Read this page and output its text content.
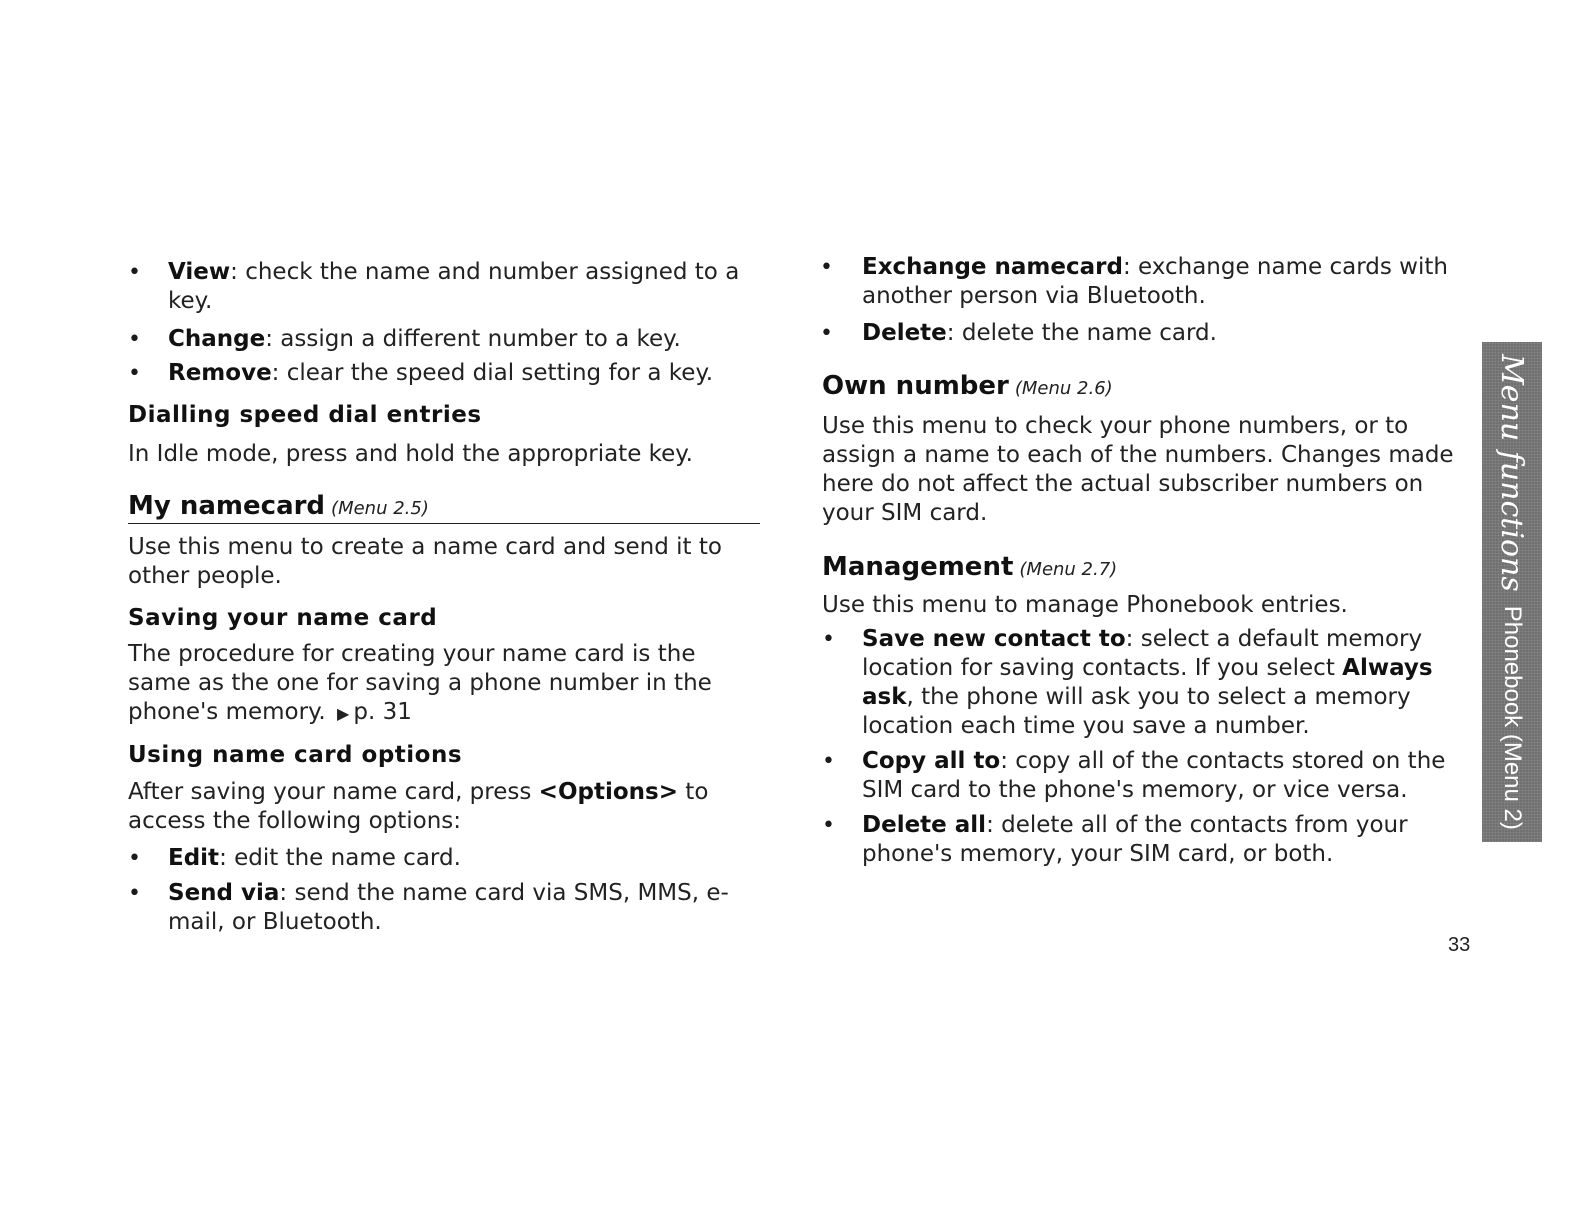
• View: check the name and number assigned to a key.
• Change: assign a different number to a key.
• Remove: clear the speed dial setting for a key.
Dialling speed dial entries
In Idle mode, press and hold the appropriate key.
My namecard (Menu 2.5)
Use this menu to create a name card and send it to other people.
Saving your name card
The procedure for creating your name card is the same as the one for saving a phone number in the phone's memory. ▶ p. 31
Using name card options
After saving your name card, press <Options> to access the following options:
• Edit: edit the name card.
• Send via: send the name card via SMS, MMS, e-mail, or Bluetooth.
• Exchange namecard: exchange name cards with another person via Bluetooth.
• Delete: delete the name card.
Own number (Menu 2.6)
Use this menu to check your phone numbers, or to assign a name to each of the numbers. Changes made here do not affect the actual subscriber numbers on your SIM card.
Management (Menu 2.7)
Use this menu to manage Phonebook entries.
• Save new contact to: select a default memory location for saving contacts. If you select Always ask, the phone will ask you to select a memory location each time you save a number.
• Copy all to: copy all of the contacts stored on the SIM card to the phone's memory, or vice versa.
• Delete all: delete all of the contacts from your phone's memory, your SIM card, or both.
Menu functions
Phonebook (Menu 2)
33
